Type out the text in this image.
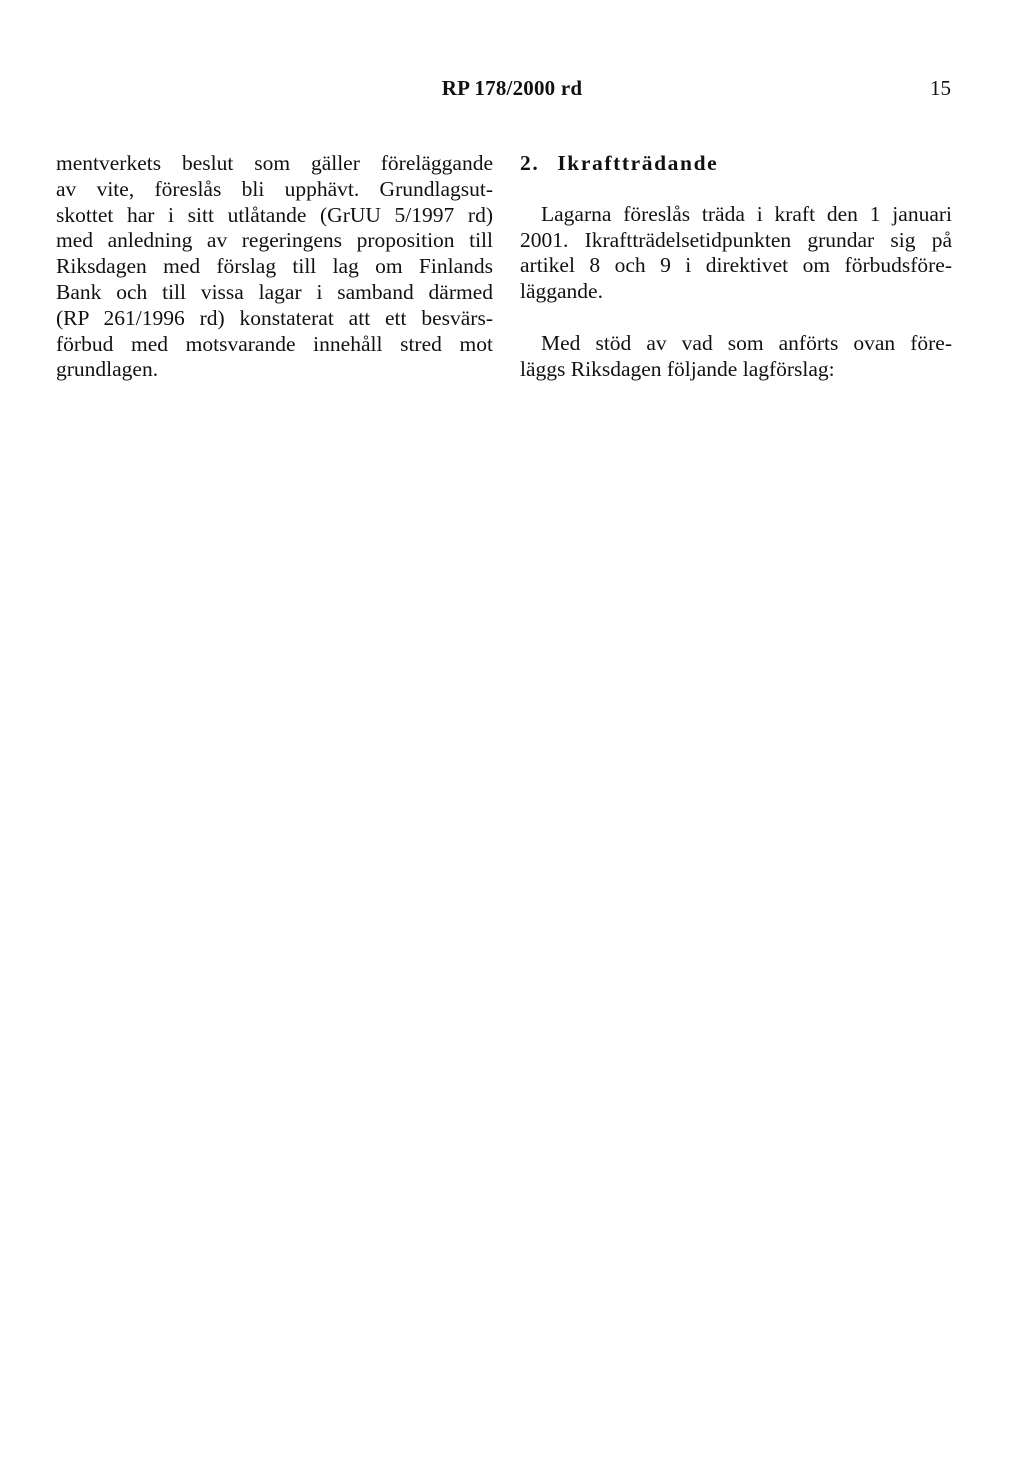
RP 178/2000 rd	15
mentverkets beslut som gäller föreläggande
av vite, föreslås bli upphävt. Grundlagsut-
skottet har i sitt utlåtande (GrUU 5/1997 rd)
med anledning av regeringens proposition till
Riksdagen med förslag till lag om Finlands
Bank och till vissa lagar i samband därmed
(RP 261/1996 rd) konstaterat att ett besvärs-
förbud med motsvarande innehåll stred mot
grundlagen.
2. Ikraftträdande
Lagarna föreslås träda i kraft den 1 januari
2001. Ikraftträdelsetidpunkten grundar sig på
artikel 8 och 9 i direktivet om förbudsföre-
läggande.
Med stöd av vad som anförts ovan före-
läggs Riksdagen följande lagförslag:
